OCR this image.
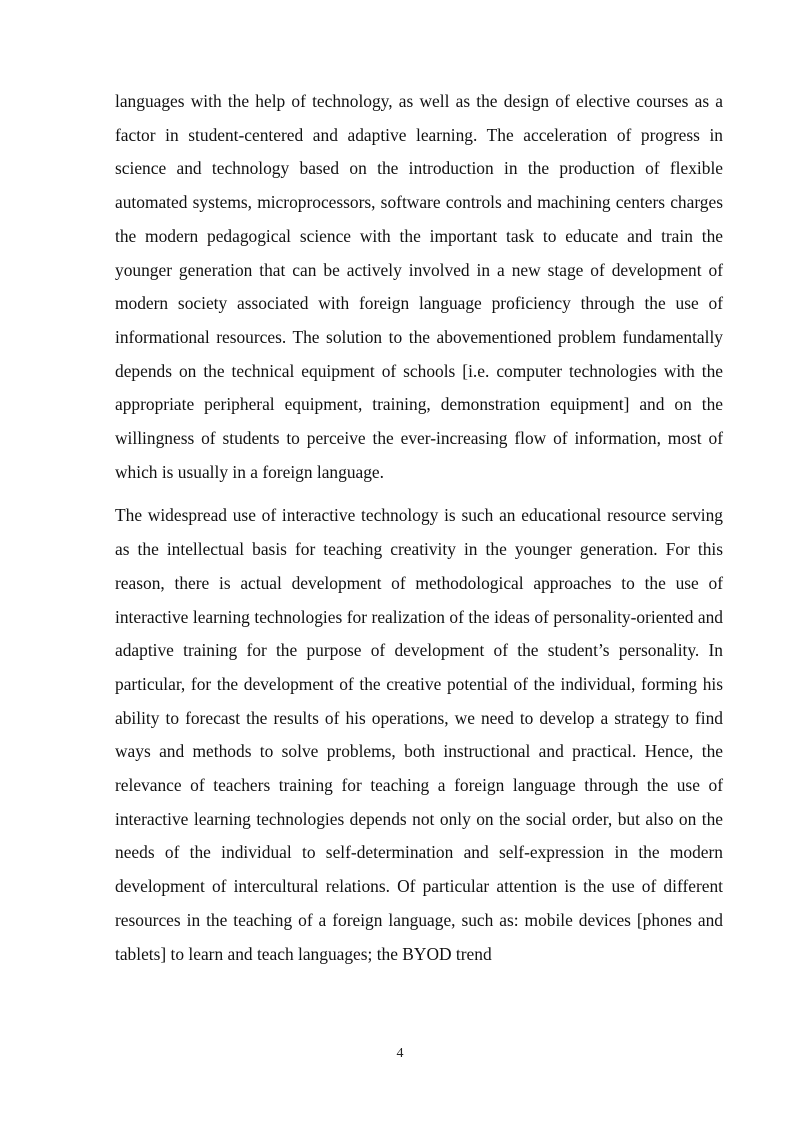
languages with the help of technology, as well as the design of elective courses as a factor in student-centered and adaptive learning. The acceleration of progress in science and technology based on the introduction in the production of flexible automated systems, microprocessors, software controls and machining centers charges the modern pedagogical science with the important task to educate and train the younger generation that can be actively involved in a new stage of development of modern society associated with foreign language proficiency through the use of informational resources. The solution to the abovementioned problem fundamentally depends on the technical equipment of schools [i.e. computer technologies with the appropriate peripheral equipment, training, demonstration equipment] and on the willingness of students to perceive the ever-increasing flow of information, most of which is usually in a foreign language.

The widespread use of interactive technology is such an educational resource serving as the intellectual basis for teaching creativity in the younger generation. For this reason, there is actual development of methodological approaches to the use of interactive learning technologies for realization of the ideas of personality-oriented and adaptive training for the purpose of development of the student’s personality. In particular, for the development of the creative potential of the individual, forming his ability to forecast the results of his operations, we need to develop a strategy to find ways and methods to solve problems, both instructional and practical. Hence, the relevance of teachers training for teaching a foreign language through the use of interactive learning technologies depends not only on the social order, but also on the needs of the individual to self-determination and self-expression in the modern development of intercultural relations. Of particular attention is the use of different resources in the teaching of a foreign language, such as: mobile devices [phones and tablets] to learn and teach languages; the BYOD trend

4
